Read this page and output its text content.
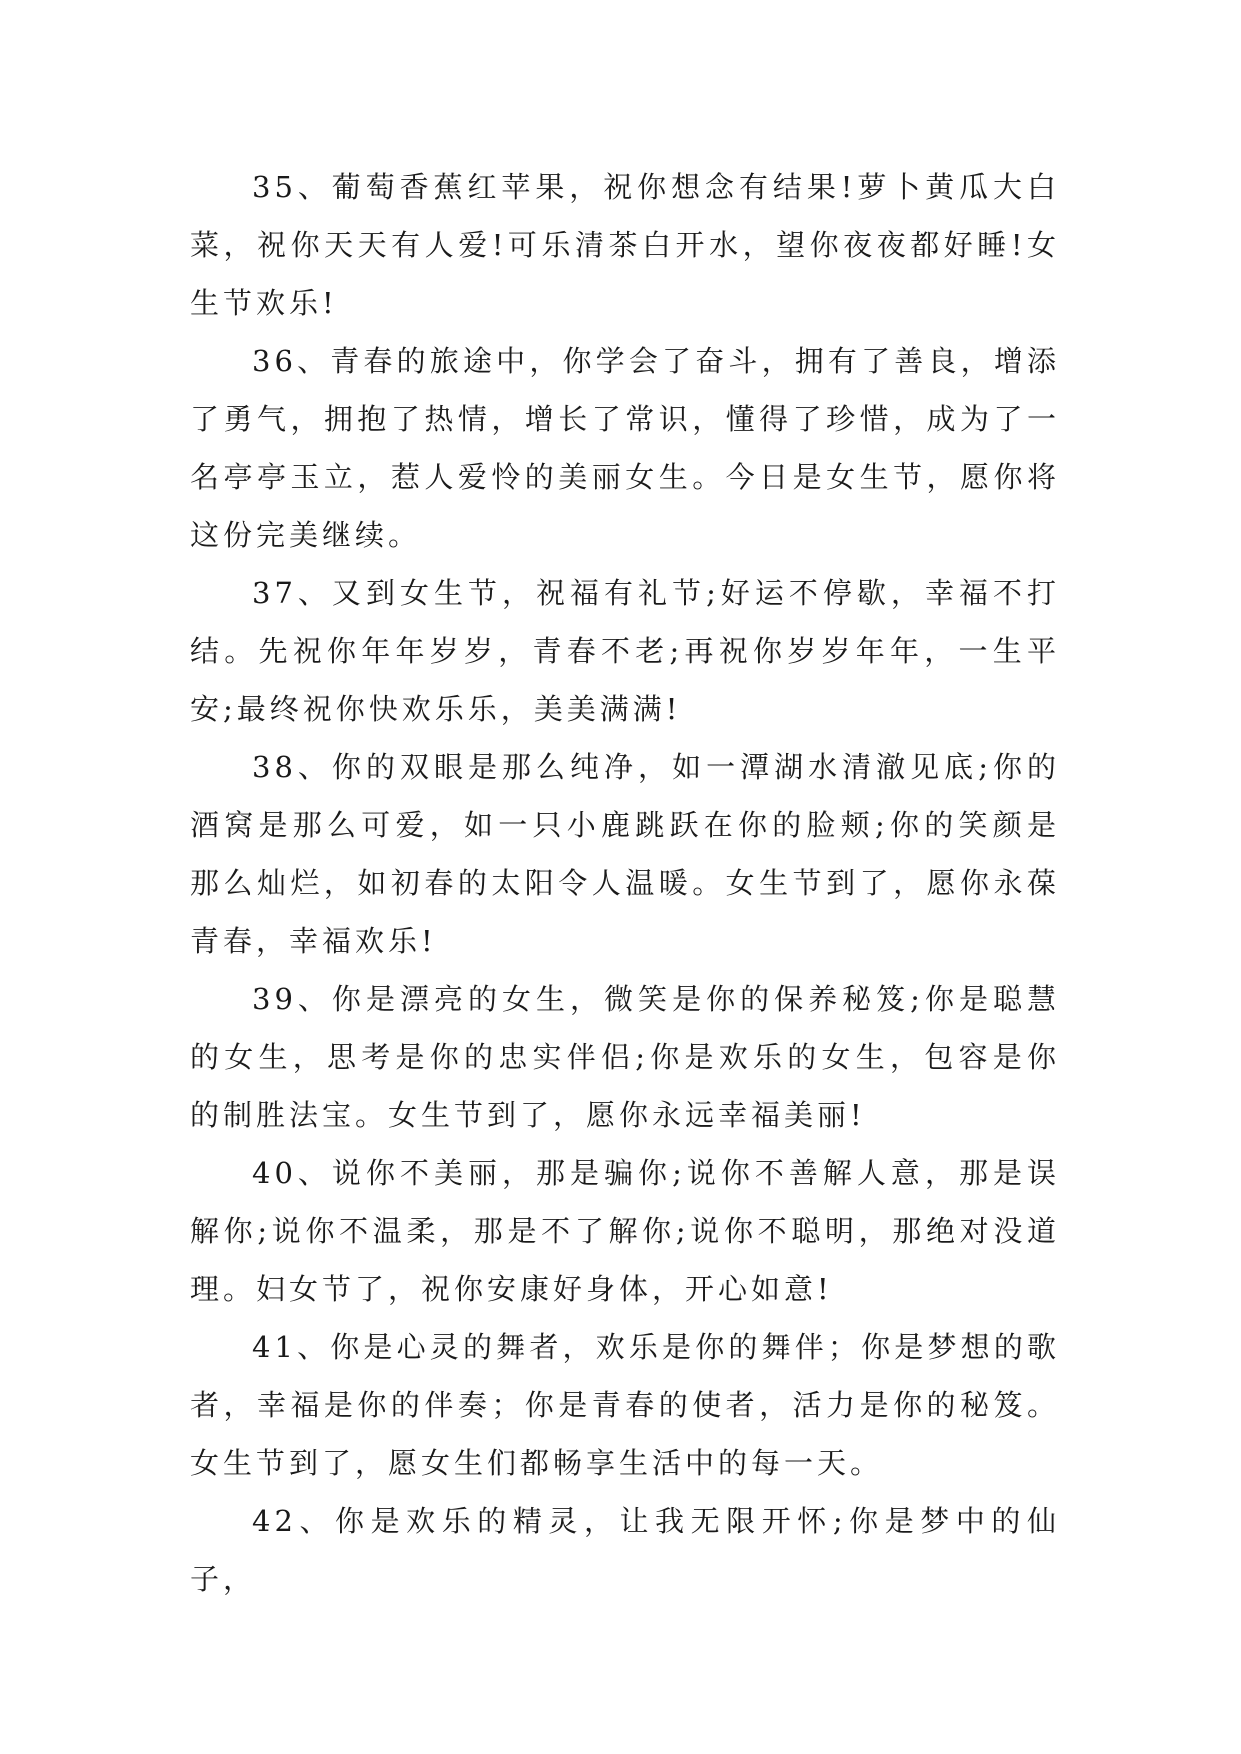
35、葡萄香蕉红苹果，祝你想念有结果!萝卜黄瓜大白菜，祝你天天有人爱!可乐清茶白开水，望你夜夜都好睡!女生节欢乐!

36、青春的旅途中，你学会了奋斗，拥有了善良，增添了勇气，拥抱了热情，增长了常识，懂得了珍惜，成为了一名亭亭玉立，惹人爱怜的美丽女生。今日是女生节，愿你将这份完美继续。

37、又到女生节，祝福有礼节;好运不停歇，幸福不打结。先祝你年年岁岁，青春不老;再祝你岁岁年年，一生平安;最终祝你快欢乐乐，美美满满!

38、你的双眼是那么纯净，如一潭湖水清澈见底;你的酒窝是那么可爱，如一只小鹿跳跃在你的脸颊;你的笑颜是那么灿烂，如初春的太阳令人温暖。女生节到了，愿你永葆青春，幸福欢乐!

39、你是漂亮的女生，微笑是你的保养秘笈;你是聪慧的女生，思考是你的忠实伴侣;你是欢乐的女生，包容是你的制胜法宝。女生节到了，愿你永远幸福美丽!

40、说你不美丽，那是骗你;说你不善解人意，那是误解你;说你不温柔，那是不了解你;说你不聪明，那绝对没道理。妇女节了，祝你安康好身体，开心如意!

41、你是心灵的舞者，欢乐是你的舞伴；你是梦想的歌者，幸福是你的伴奏；你是青春的使者，活力是你的秘笈。女生节到了，愿女生们都畅享生活中的每一天。

42、你是欢乐的精灵，让我无限开怀;你是梦中的仙子，
